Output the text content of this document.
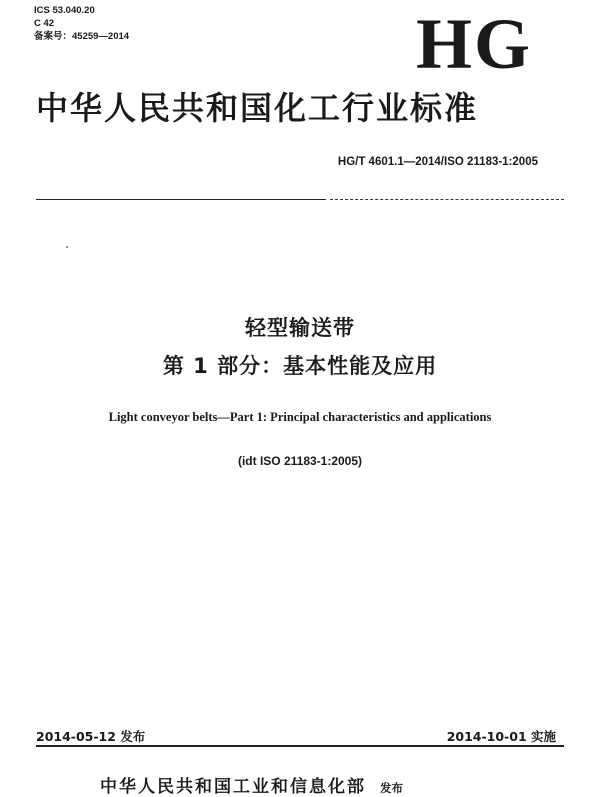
ICS 53.040.20
C 42
备案号：45259—2014	HG
中华人民共和国化工行业标准
HG/T 4601.1—2014/ISO 21183-1:2005
轻型输送带
第 1 部分：基本性能及应用
Light conveyor belts—Part 1: Principal characteristics and applications
(idt ISO 21183-1:2005)
2014-05-12 发布	2014-10-01 实施
中华人民共和国工业和信息化部 发布
